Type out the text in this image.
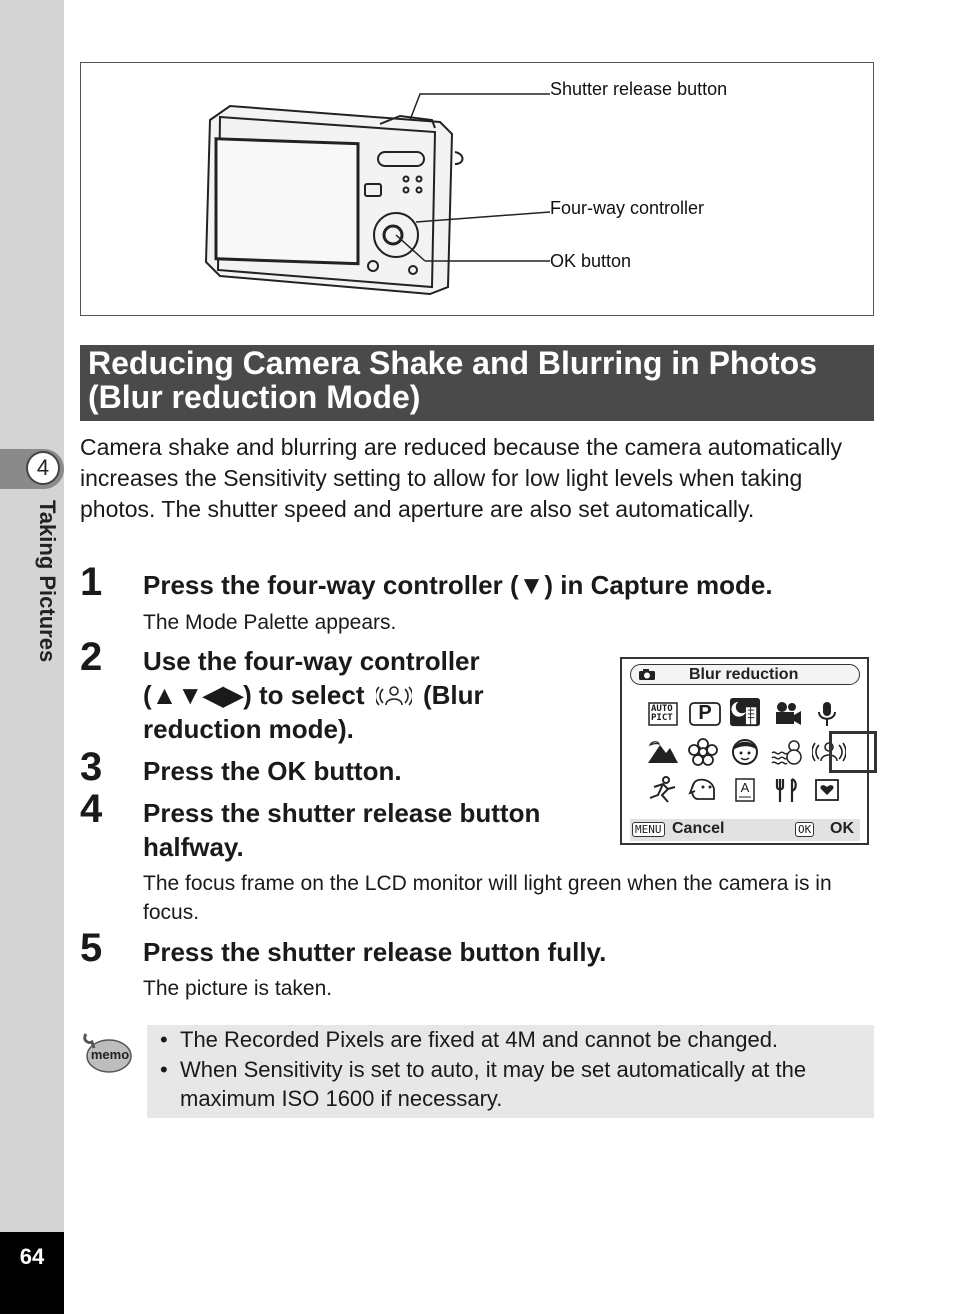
4
Taking Pictures
64
Shutter release button
Four-way controller
OK button
Reducing Camera Shake and Blurring in Photos
(Blur reduction Mode)
Camera shake and blurring are reduced because the camera automatically increases the Sensitivity setting to allow for low light levels when taking photos. The shutter speed and aperture are also set automatically.
1 Press the four-way controller (▼) in Capture mode.
The Mode Palette appears.
2 Use the four-way controller
(▲▼◀▶) to select (Blur
reduction mode).
3 Press the OK button.
4 Press the shutter release button
halfway.
The focus frame on the LCD monitor will light green when the camera is in focus.
5 Press the shutter release button fully.
The picture is taken.
Blur reduction
AUTO
PICT	P
A
MENU Cancel	OK OK
memo
• The Recorded Pixels are fixed at 4M and cannot be changed.
• When Sensitivity is set to auto, it may be set automatically at the maximum ISO 1600 if necessary.
